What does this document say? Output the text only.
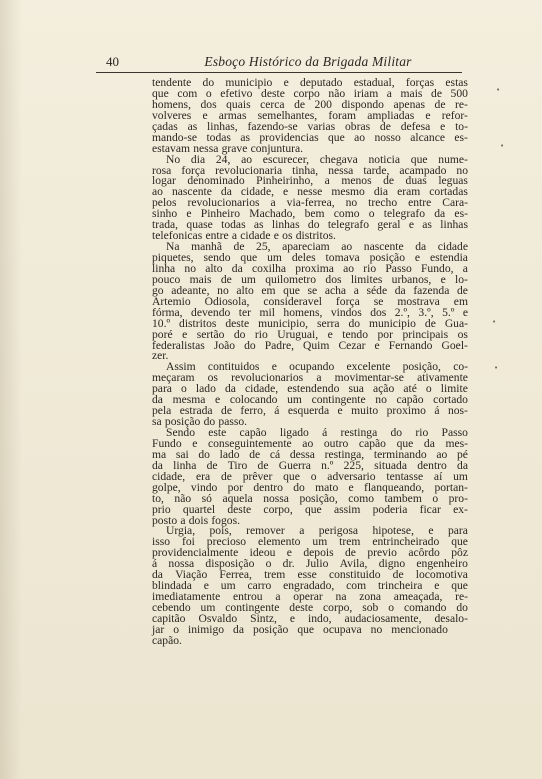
40	Esboço Histórico da Brigada Militar
tendente do municipio e deputado estadual, forças estas
que com o efetivo deste corpo não iriam a mais de 500
homens, dos quais cerca de 200 dispondo apenas de re-
volveres e armas semelhantes, foram ampliadas e refor-
çadas as linhas, fazendo-se varias obras de defesa e to-
mando-se todas as providencias que ao nosso alcance es-
estavam nessa grave conjuntura.
No dia 24, ao escurecer, chegava noticia que nume-
rosa força revolucionaria tinha, nessa tarde, acampado no
logar denominado Pinheirinho, a menos de duas leguas
ao nascente da cidade, e nesse mesmo dia eram cortadas
pelos revolucionarios a via-ferrea, no trecho entre Cara-
sinho e Pinheiro Machado, bem como o telegrafo da es-
trada, quase todas as linhas do telegrafo geral e as linhas
telefonicas entre a cidade e os distritos.
Na manhã de 25, apareciam ao nascente da cidade
piquetes, sendo que um deles tomava posição e estendia
linha no alto da coxilha proxima ao rio Passo Fundo, a
pouco mais de um quilometro dos limites urbanos, e lo-
go adeante, no alto em que se acha a séde da fazenda de
Artemio Odiosola, consideravel força se mostrava em
fórma, devendo ter mil homens, vindos dos 2.º, 3.º, 5.º e
10.º distritos deste municipio, serra do municipio de Gua-
poré e sertão do rio Uruguai, e tendo por principais os
federalistas João do Padre, Quim Cezar e Fernando Goel-
zer.
Assim contituidos e ocupando excelente posição, co-
meçaram os revolucionarios a movimentar-se ativamente
para o lado da cidade, estendendo sua ação até o limite
da mesma e colocando um contingente no capão cortado
pela estrada de ferro, á esquerda e muito proximo á nos-
sa posição do passo.
Sendo este capão ligado á restinga do rio Passo
Fundo e conseguintemente ao outro capão que da mes-
ma sai do lado de cá dessa restinga, terminando ao pé
da linha de Tiro de Guerra n.º 225, situada dentro da
cidade, era de prêver que o adversario tentasse aí um
golpe, vindo por dentro do mato e flanqueando, portan-
to, não só aquela nossa posição, como tambem o pro-
prio quartel deste corpo, que assim poderia ficar ex-
posto a dois fogos.
Urgia, pois, remover a perigosa hipotese, e para
isso foi precioso elemento um trem entrincheirado que
providencialmente ideou e depois de previo acôrdo pôz
á nossa disposição o dr. Julio Avila, digno engenheiro
da Viação Ferrea, trem esse constituido de locomotiva
blindada e um carro engradado, com trincheira e que
imediatamente entrou a operar na zona ameaçada, re-
cebendo um contingente deste corpo, sob o comando do
capitão Osvaldo Sintz, e indo, audaciosamente, desalo-
jar o inimigo da posição que ocupava no mencionado
capão.
•
•
•
•
